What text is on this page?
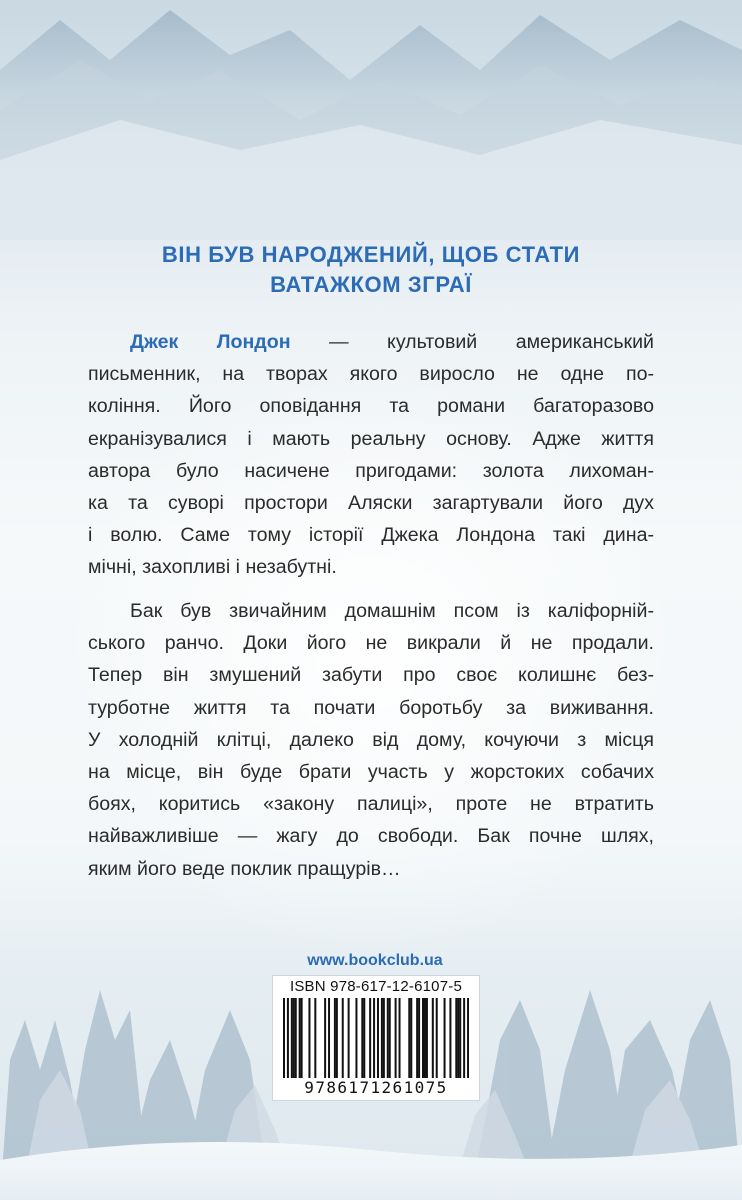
ВІН БУВ НАРОДЖЕНИЙ, ЩОБ СТАТИ
ВАТАЖКОМ ЗГРАЇ
Джек Лондон — культовий американський
письменник, на творах якого виросло не одне по-
коління. Його оповідання та романи багаторазово
екранізувалися і мають реальну основу. Адже життя
автора було насичене пригодами: золота лихоман-
ка та суворі простори Аляски загартували його дух
і волю. Саме тому історії Джека Лондона такі дина-
мічні, захопливі і незабутні.
Бак був звичайним домашнім псом із каліфорній-
ського ранчо. Доки його не викрали й не продали.
Тепер він змушений забути про своє колишнє без-
турботне життя та почати боротьбу за виживання.
У холодній клітці, далеко від дому, кочуючи з місця
на місце, він буде брати участь у жорстоких собачих
боях, коритись «закону палиці», проте не втратить
найважливіше — жагу до свободи. Бак почне шлях,
яким його веде поклик пращурів…
www.bookclub.ua
ISBN 978-617-12-6107-5
9786171261075
